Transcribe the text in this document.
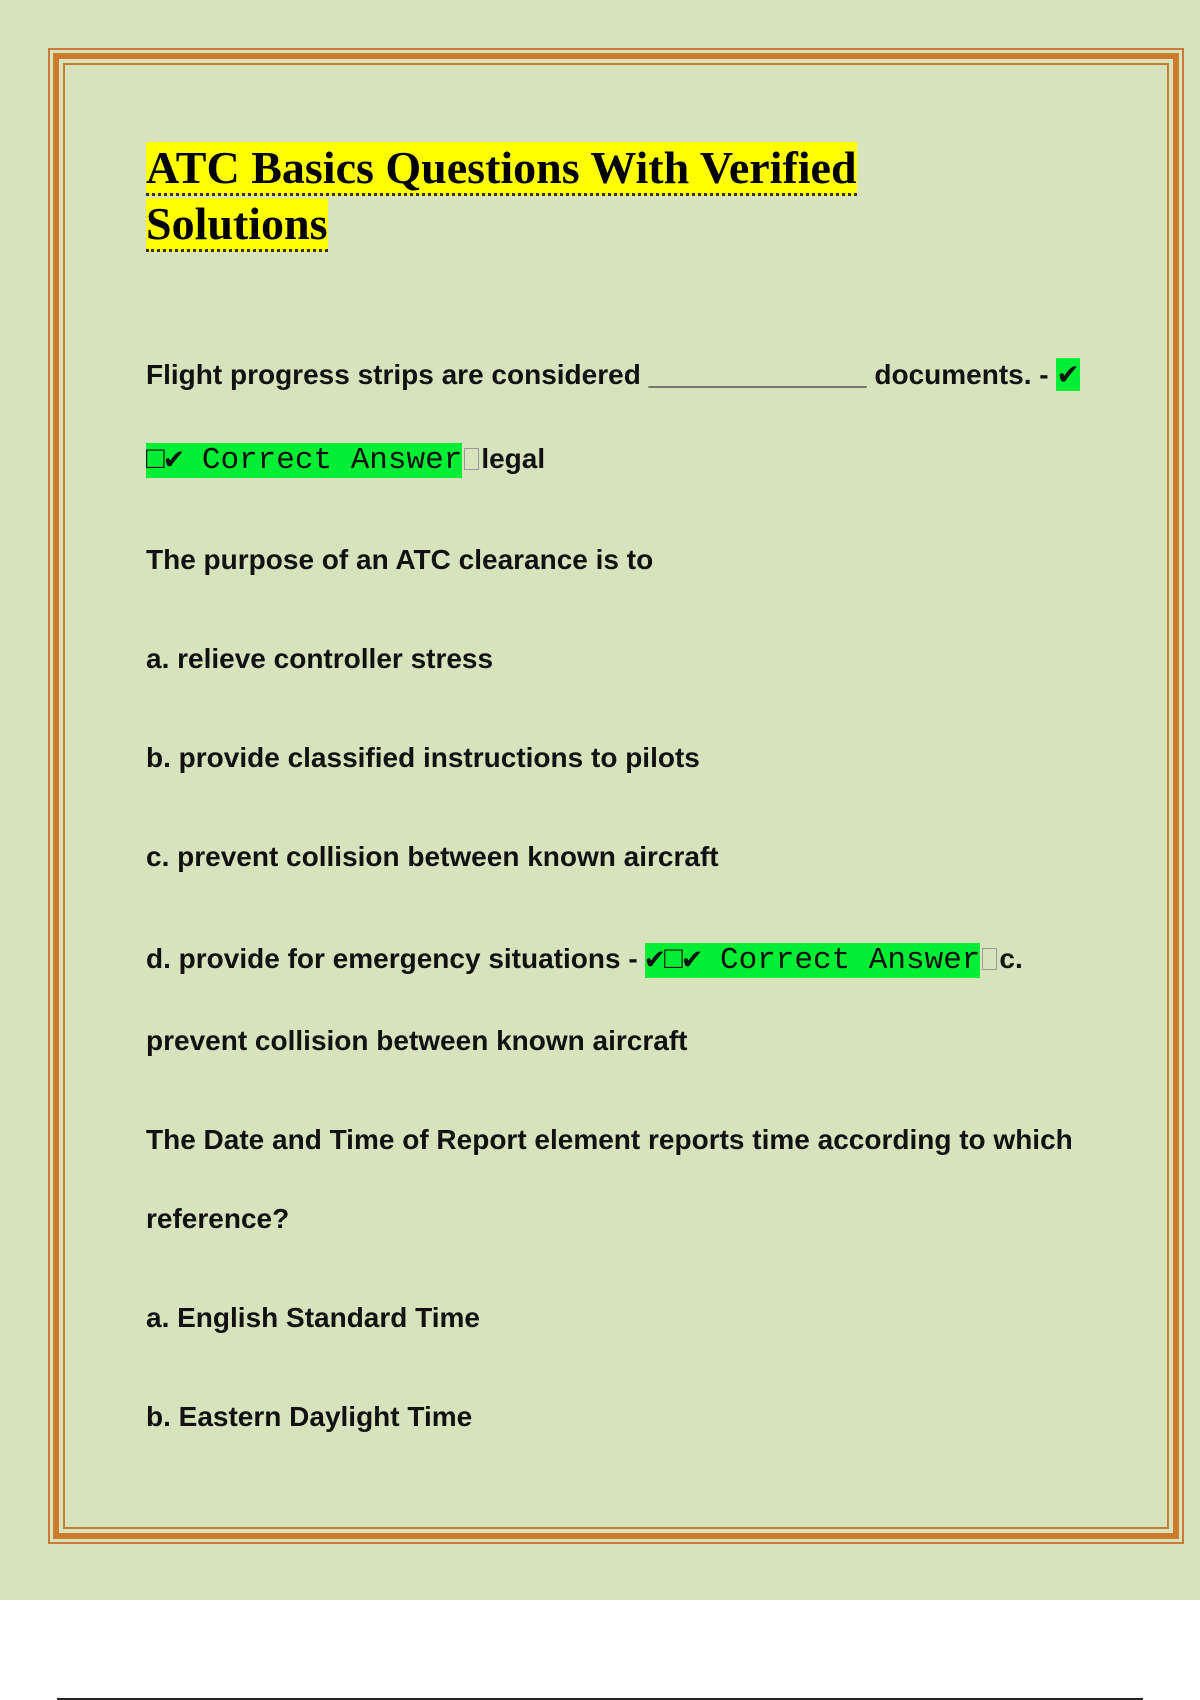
ATC Basics Questions With Verified Solutions
Flight progress strips are considered ______________ documents. - ✔
□✔ Correct Answer legal
The purpose of an ATC clearance is to
a. relieve controller stress
b. provide classified instructions to pilots
c. prevent collision between known aircraft
d. provide for emergency situations - ✔□✔ Correct Answer c.
prevent collision between known aircraft
The Date and Time of Report element reports time according to which
reference?
a. English Standard Time
b. Eastern Daylight Time
